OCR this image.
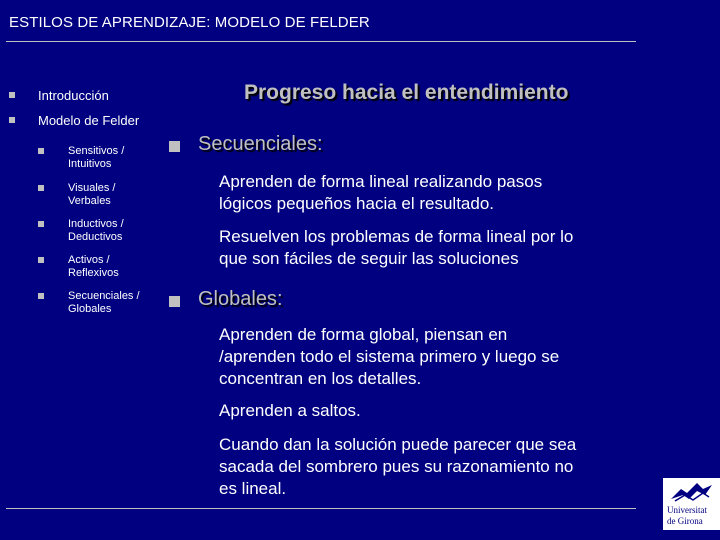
ESTILOS DE APRENDIZAJE: MODELO DE FELDER
Introducción
Modelo de Felder
Sensitivos /
Intuitivos
Visuales /
Verbales
Inductivos /
Deductivos
Activos /
Reflexivos
Secuenciales /
Globales
Progreso hacia el entendimiento
Secuenciales:
Aprenden de forma lineal realizando pasos
lógicos pequeños hacia el resultado.
Resuelven los problemas de forma lineal por lo
que son fáciles de seguir las soluciones
Globales:
Aprenden de forma global, piensan en
/aprenden todo el sistema primero y luego se
concentran en los detalles.
Aprenden a saltos.
Cuando dan la solución puede parecer que sea
sacada del sombrero pues su razonamiento no
es lineal.
Universitat
de Girona
